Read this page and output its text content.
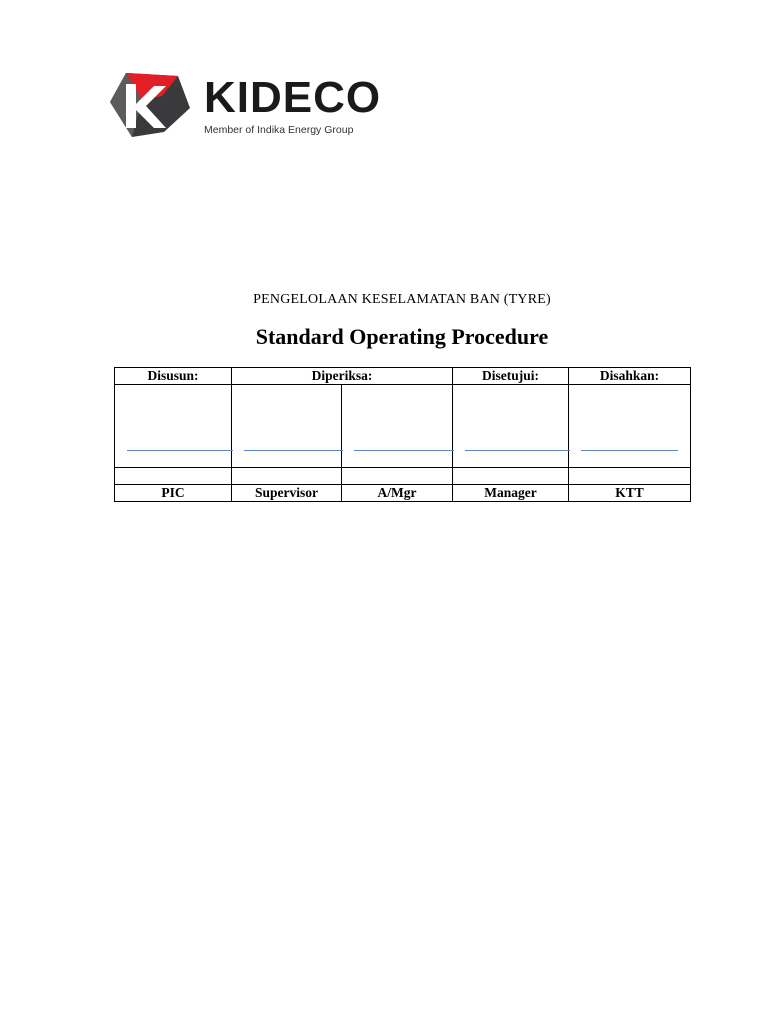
KIDECO
Member of Indika Energy Group
PENGELOLAAN KESELAMATAN BAN (TYRE)
Standard Operating Procedure
Disusun:	Diperiksa:		Disetujui:	Disahkan:

PIC	Supervisor	A/Mgr	Manager	KTT
